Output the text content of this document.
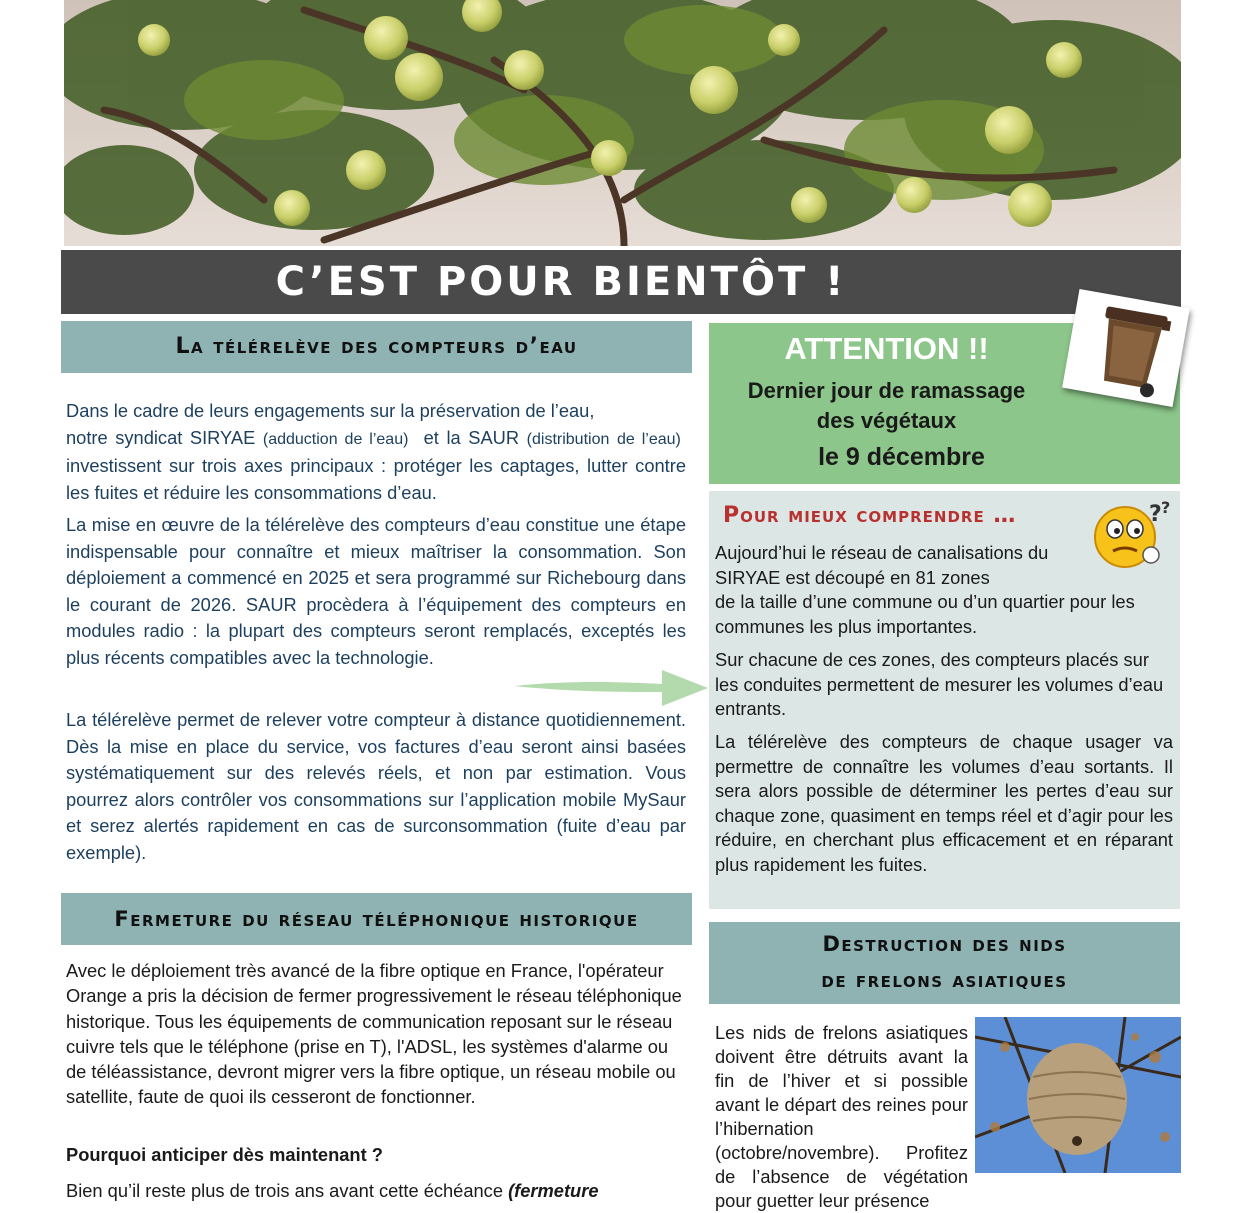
C’EST POUR BIENTÔT !
La télérelève des compteurs d’eau

Dans le cadre de leurs engagements sur la préservation de l’eau,
notre syndicat SIRYAE (adduction de l’eau) et la SAUR (distribution de l’eau)  investissent sur trois axes principaux : protéger les captages, lutter contre les fuites et réduire les consommations d’eau.

La mise en œuvre de la télérelève des compteurs d’eau constitue une étape indispensable pour connaître et mieux maîtriser la consommation. Son déploiement a commencé en 2025 et sera programmé sur Richebourg dans le courant de 2026. SAUR procèdera à l’équipement des compteurs en modules radio : la plupart des compteurs seront remplacés, exceptés les plus récents compatibles avec la technologie.

La télérelève permet de relever votre compteur à distance quotidiennement. Dès la mise en place du service, vos factures d’eau seront ainsi basées systématiquement sur des relevés réels, et non par estimation. Vous pourrez alors contrôler vos consommations sur l’application mobile MySaur et serez alertés rapidement en cas de surconsommation (fuite d’eau par exemple).

Fermeture du réseau téléphonique historique

Avec le déploiement très avancé de la fibre optique en France, l'opérateur Orange a pris la décision de fermer progressivement le réseau téléphonique historique. Tous les équipements de communication reposant sur le réseau cuivre tels que le téléphone (prise en T), l'ADSL, les systèmes d'alarme ou de téléassistance, devront migrer vers la fibre optique, un réseau mobile ou satellite, faute de quoi ils cesseront de fonctionner.

Pourquoi anticiper dès maintenant ?
Bien qu’il reste plus de trois ans avant cette échéance (fermeture
ATTENTION !!
Dernier jour de ramassage
des végétaux
le 9 décembre
Pour mieux comprendre …
Aujourd’hui le réseau de canalisations du SIRYAE est découpé en 81 zones
de la taille d’une commune ou d’un quartier pour les communes les plus importantes.
Sur chacune de ces zones, des compteurs placés sur les conduites permettent de mesurer les volumes d’eau entrants.
La télérelève des compteurs de chaque usager va permettre de connaître les volumes d’eau sortants. Il sera alors possible de déterminer les pertes d’eau sur chaque zone, quasiment en temps réel et d’agir pour les réduire, en cherchant plus efficacement et en réparant plus rapidement les fuites.
? ?
Destruction des nids
de frelons asiatiques

Les nids de frelons asiatiques doivent être détruits avant la fin de l’hiver et si possible avant le départ des reines pour l’hibernation (octobre/novembre). Profitez de l’absence de végétation pour guetter leur présence
